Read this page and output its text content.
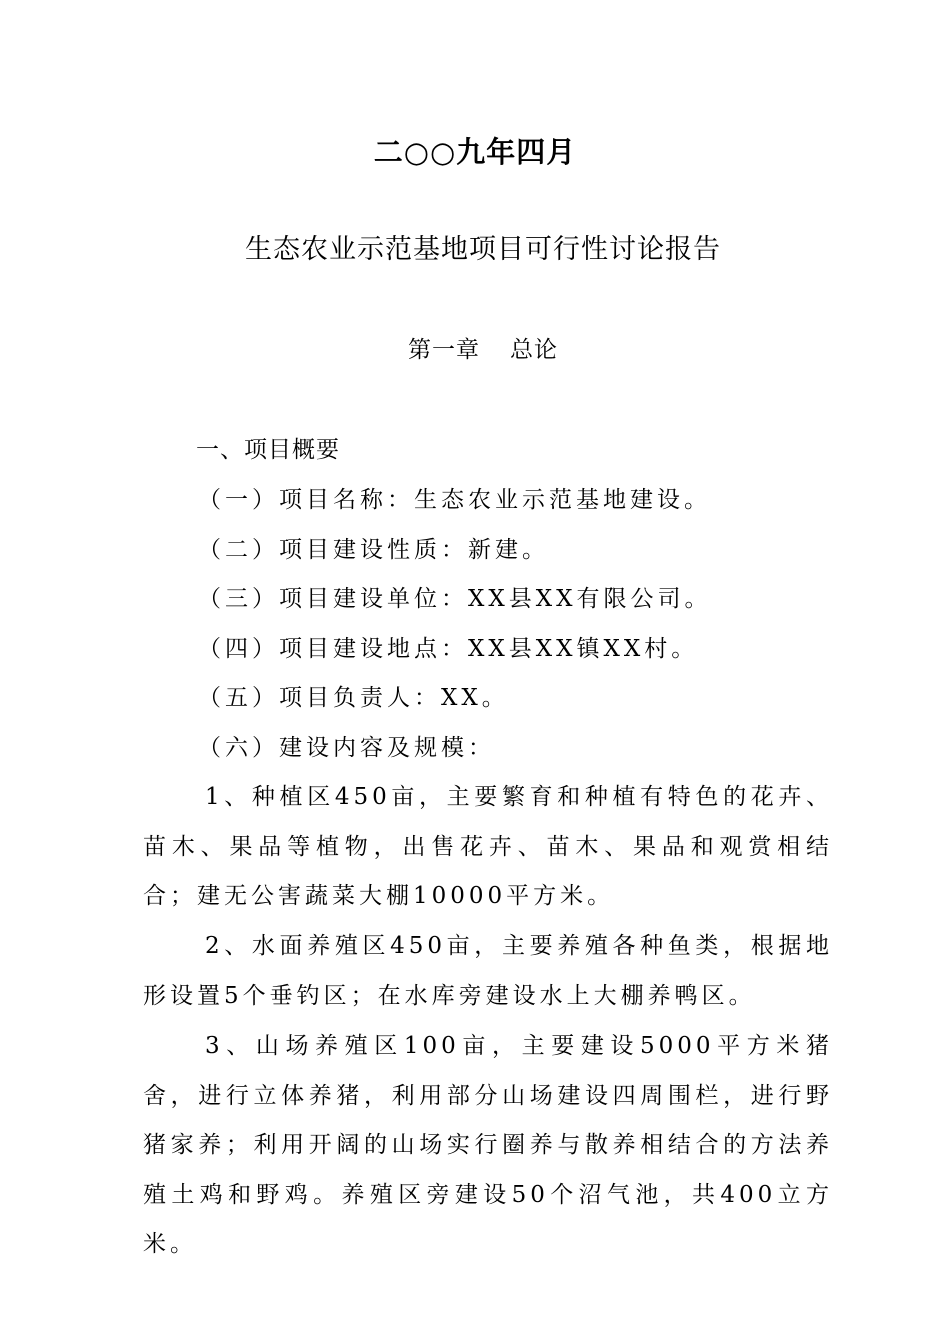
二○○九年四月
生态农业示范基地项目可行性讨论报告
第一章 总论
一、项目概要
（一）项目名称：生态农业示范基地建设。
（二）项目建设性质：新建。
（三）项目建设单位：XX县XX有限公司。
（四）项目建设地点：XX县XX镇XX村。
（五）项目负责人：XX。
（六）建设内容及规模：
1、种植区450亩，主要繁育和种植有特色的花卉、苗木、果品等植物，出售花卉、苗木、果品和观赏相结合；建无公害蔬菜大棚10000平方米。
2、水面养殖区450亩，主要养殖各种鱼类，根据地形设置5个垂钓区；在水库旁建设水上大棚养鸭区。
3、山场养殖区100亩，主要建设5000平方米猪舍，进行立体养猪，利用部分山场建设四周围栏，进行野猪家养；利用开阔的山场实行圈养与散养相结合的方法养殖土鸡和野鸡。养殖区旁建设50个沼气池，共400立方米。
